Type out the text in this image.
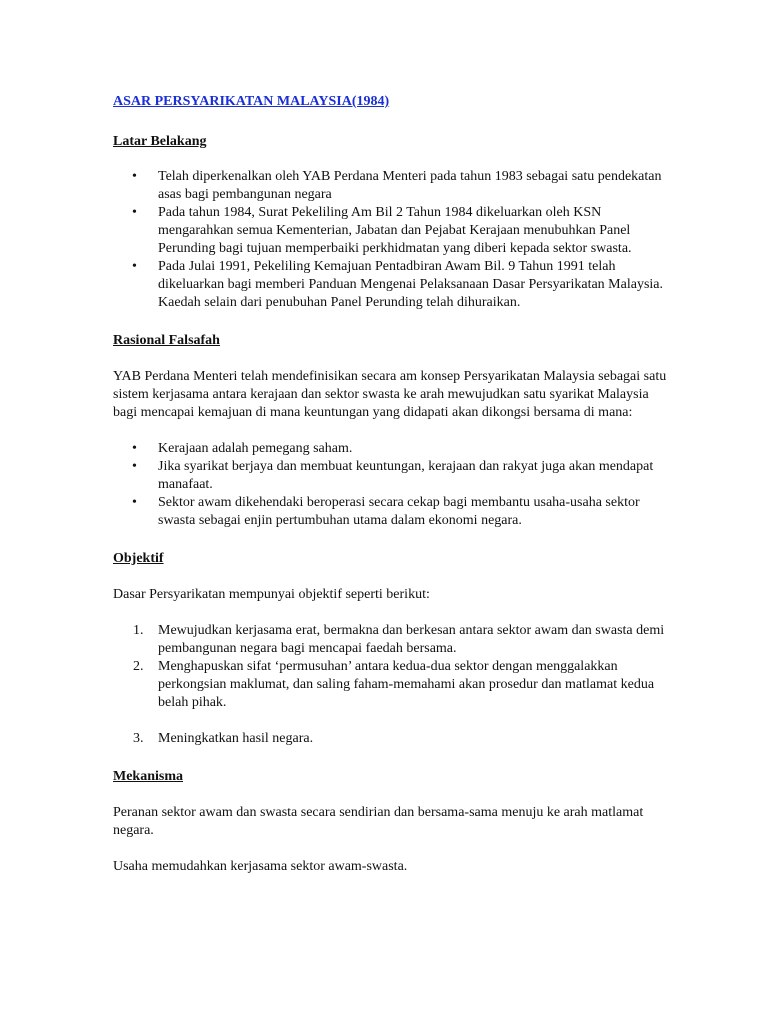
ASAR PERSYARIKATAN MALAYSIA(1984)
Latar Belakang
• Telah diperkenalkan oleh YAB Perdana Menteri pada tahun 1983 sebagai satu pendekatan asas bagi pembangunan negara
• Pada tahun 1984, Surat Pekeliling Am Bil 2 Tahun 1984 dikeluarkan oleh KSN mengarahkan semua Kementerian, Jabatan dan Pejabat Kerajaan menubuhkan Panel Perunding bagi tujuan memperbaiki perkhidmatan yang diberi kepada sektor swasta.
• Pada Julai 1991, Pekeliling Kemajuan Pentadbiran Awam Bil. 9 Tahun 1991 telah dikeluarkan bagi memberi Panduan Mengenai Pelaksanaan Dasar Persyarikatan Malaysia. Kaedah selain dari penubuhan Panel Perunding telah dihuraikan.
Rasional Falsafah

YAB Perdana Menteri telah mendefinisikan secara am konsep Persyarikatan Malaysia sebagai satu sistem kerjasama antara kerajaan dan sektor swasta ke arah mewujudkan satu syarikat Malaysia bagi mencapai kemajuan di mana keuntungan yang didapati akan dikongsi bersama di mana:

• Kerajaan adalah pemegang saham.
• Jika syarikat berjaya dan membuat keuntungan, kerajaan dan rakyat juga akan mendapat manafaat.
• Sektor awam dikehendaki beroperasi secara cekap bagi membantu usaha-usaha sektor swasta sebagai enjin pertumbuhan utama dalam ekonomi negara.
Objektif

Dasar Persyarikatan mempunyai objektif seperti berikut:

1. Mewujudkan kerjasama erat, bermakna dan berkesan antara sektor awam dan swasta demi pembangunan negara bagi mencapai faedah bersama.
2. Menghapuskan sifat ‘permusuhan’ antara kedua-dua sektor dengan menggalakkan perkongsian maklumat, dan saling faham-memahami akan prosedur dan matlamat kedua belah pihak.
3. Meningkatkan hasil negara.
Mekanisma

Peranan sektor awam dan swasta secara sendirian dan bersama-sama menuju ke arah matlamat negara.

Usaha memudahkan kerjasama sektor awam-swasta.
